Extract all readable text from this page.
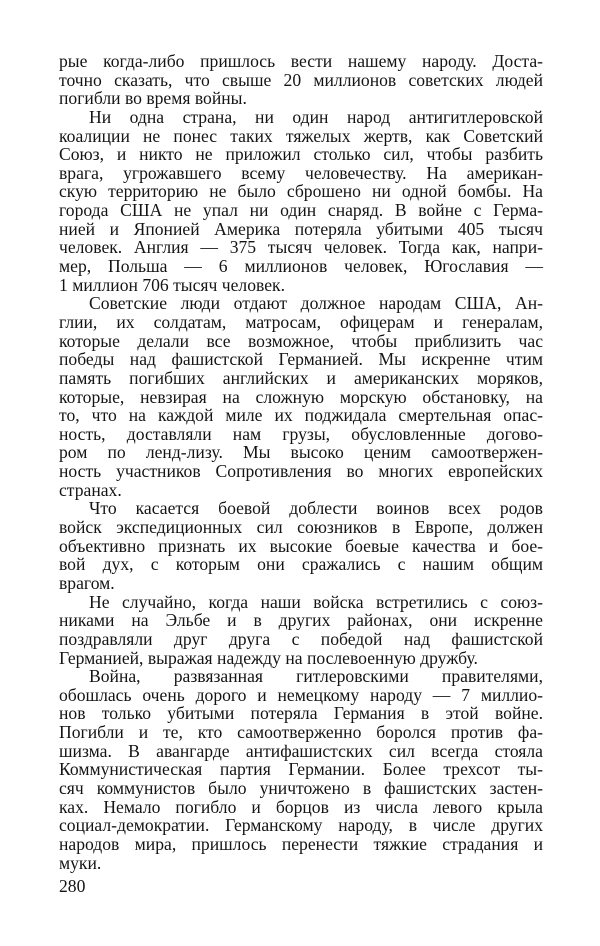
рые когда-либо пришлось вести нашему народу. Доста-
точно сказать, что свыше 20 миллионов советских людей
погибли во время войны.
Ни одна страна, ни один народ антигитлеровской
коалиции не понес таких тяжелых жертв, как Советский
Союз, и никто не приложил столько сил, чтобы разбить
врага, угрожавшего всему человечеству. На американ-
скую территорию не было сброшено ни одной бомбы. На
города США не упал ни один снаряд. В войне с Герма-
нией и Японией Америка потеряла убитыми 405 тысяч
человек. Англия — 375 тысяч человек. Тогда как, напри-
мер, Польша — 6 миллионов человек, Югославия —
1 миллион 706 тысяч человек.
Советские люди отдают должное народам США, Ан-
глии, их солдатам, матросам, офицерам и генералам,
которые делали все возможное, чтобы приблизить час
победы над фашистской Германией. Мы искренне чтим
память погибших английских и американских моряков,
которые, невзирая на сложную морскую обстановку, на
то, что на каждой миле их поджидала смертельная опас-
ность, доставляли нам грузы, обусловленные догово-
ром по ленд-лизу. Мы высоко ценим самоотвержен-
ность участников Сопротивления во многих европейских
странах.
Что касается боевой доблести воинов всех родов
войск экспедиционных сил союзников в Европе, должен
объективно признать их высокие боевые качества и бое-
вой дух, с которым они сражались с нашим общим
врагом.
Не случайно, когда наши войска встретились с союз-
никами на Эльбе и в других районах, они искренне
поздравляли друг друга с победой над фашистской
Германией, выражая надежду на послевоенную дружбу.
Война, развязанная гитлеровскими правителями,
обошлась очень дорого и немецкому народу — 7 миллио-
нов только убитыми потеряла Германия в этой войне.
Погибли и те, кто самоотверженно боролся против фа-
шизма. В авангарде антифашистских сил всегда стояла
Коммунистическая партия Германии. Более трехсот ты-
сяч коммунистов было уничтожено в фашистских застен-
ках. Немало погибло и борцов из числа левого крыла
социал-демократии. Германскому народу, в числе других
народов мира, пришлось перенести тяжкие страдания и
муки.
280
